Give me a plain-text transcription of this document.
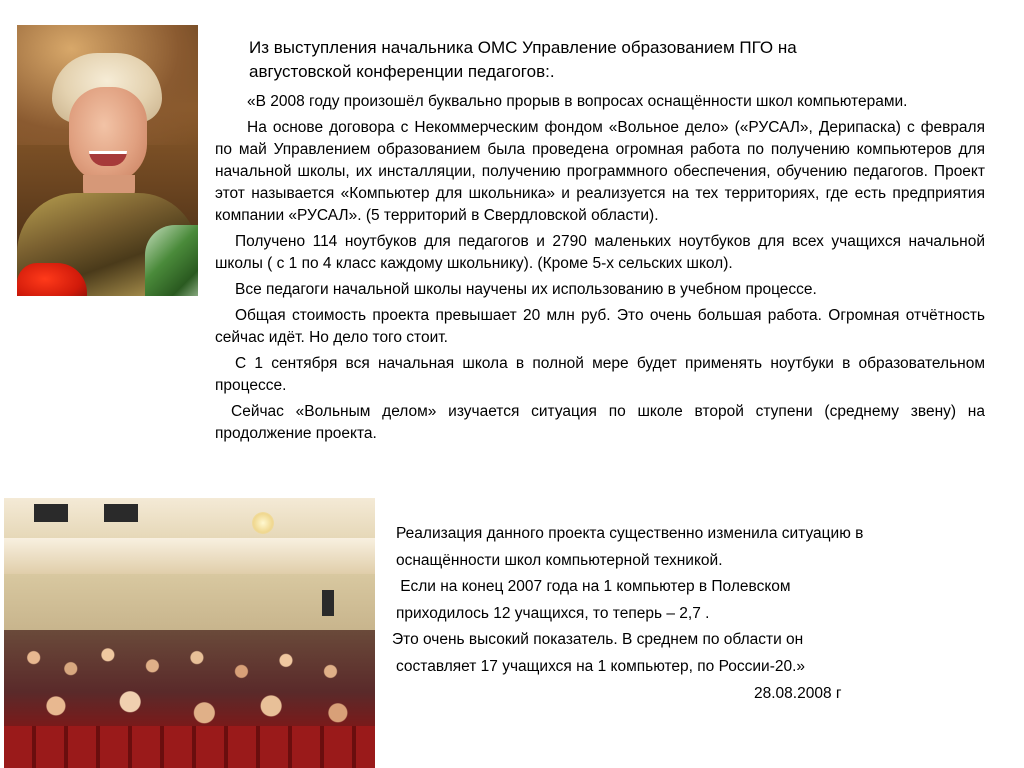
Из выступления начальника ОМС Управление образованием ПГО на
августовской конференции педагогов:.

«В 2008 году произошёл буквально прорыв в вопросах оснащённости школ компьютерами.

На основе договора с Некоммерческим фондом «Вольное дело» («РУСАЛ», Дерипаска) с февраля по май Управлением образованием была проведена огромная работа по получению компьютеров для начальной школы, их инсталляции, получению программного обеспечения, обучению педагогов. Проект этот называется «Компьютер для школьника» и реализуется на тех территориях, где есть предприятия компании «РУСАЛ». (5 территорий в Свердловской области).

Получено 114 ноутбуков для педагогов и 2790 маленьких ноутбуков для всех учащихся начальной школы ( с 1 по 4 класс каждому школьнику). (Кроме 5-х сельских школ).

Все педагоги начальной школы научены их использованию в учебном процессе.

Общая стоимость проекта превышает 20 млн руб. Это очень большая работа. Огромная отчётность сейчас идёт. Но дело того стоит.

С 1 сентября вся начальная школа в полной мере будет применять ноутбуки в образовательном процессе.

Сейчас «Вольным делом» изучается ситуация по школе второй ступени (среднему звену) на продолжение проекта.

Реализация данного проекта существенно изменила ситуацию в
оснащённости школ компьютерной техникой.
Если на конец 2007 года на 1 компьютер в Полевском
приходилось 12 учащихся, то теперь – 2,7 .
Это очень высокий показатель. В среднем по области он
составляет 17 учащихся на 1 компьютер, по России-20.»
28.08.2008 г
